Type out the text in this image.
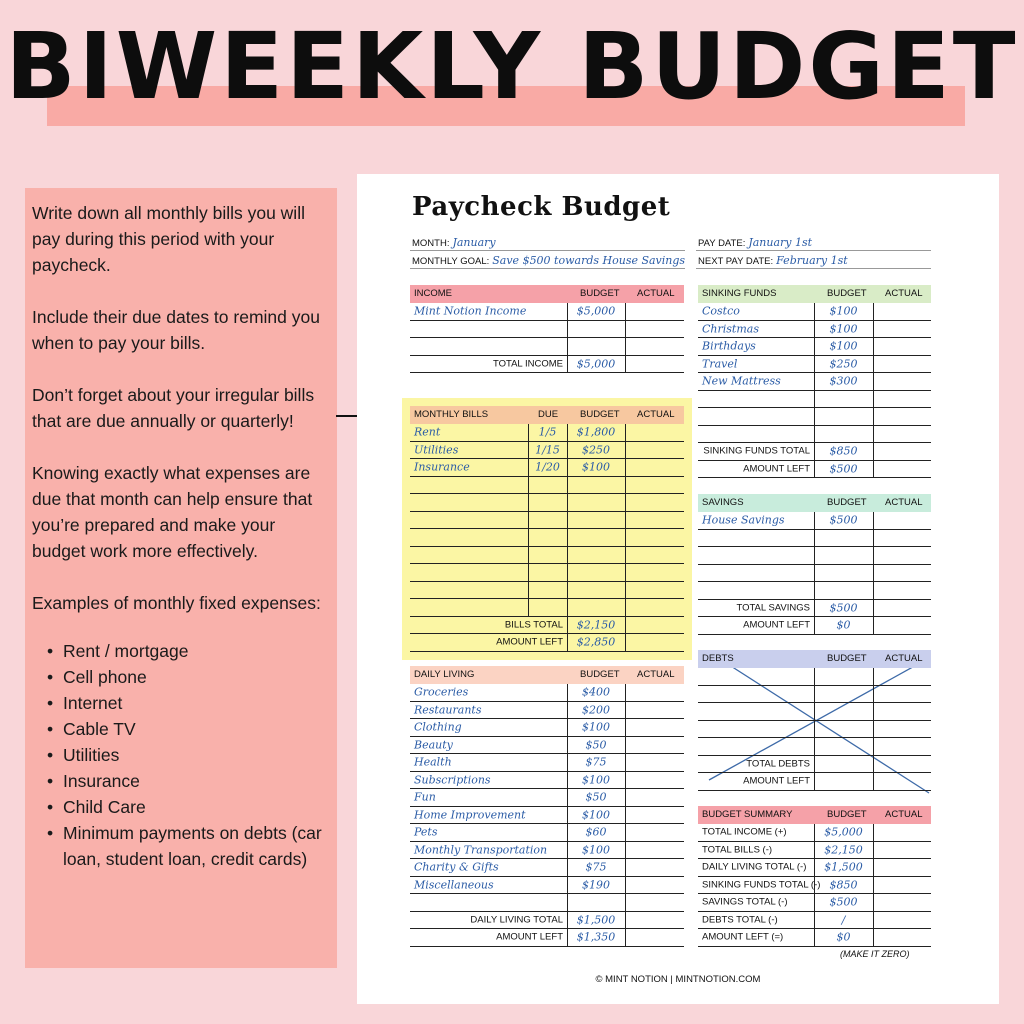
BIWEEKLY BUDGET

Write down all monthly bills you will pay during this period with your paycheck.

Include their due dates to remind you when to pay your bills.

Don’t forget about your irregular bills that are due annually or quarterly!

Knowing exactly what expenses are due that month can help ensure that you’re prepared and make your budget work more effectively.

Examples of monthly fixed expenses:

• Rent / mortgage
• Cell phone
• Internet
• Cable TV
• Utilities
• Insurance
• Child Care
• Minimum payments on debts (car loan, student loan, credit cards)
Paycheck Budget
MONTH: January
MONTHLY GOAL: Save $500 towards House Savings
PAY DATE: January 1st
NEXT PAY DATE: February 1st
(MAKE IT ZERO)
© MINT NOTION | MINTNOTION.COM
INCOME	BUDGET ACTUAL
Mint Notion Income	$5,000
TOTAL INCOME $5,000
MONTHLY BILLS	DUE BUDGET ACTUAL
Rent	1/5 $1,800
Utilities	1/15 $250
Insurance	1/20 $100
BILLS TOTAL $2,150
AMOUNT LEFT $2,850
DAILY LIVING	BUDGET ACTUAL
Groceries	$400
Restaurants	$200
Clothing	$100
Beauty	$50
Health	$75
Subscriptions	$100
Fun	$50
Home Improvement	$100
Pets	$60
Monthly Transportation	$100
Charity & Gifts	$75
Miscellaneous	$190
DAILY LIVING TOTAL $1,500
AMOUNT LEFT $1,350
SINKING FUNDS	BUDGET ACTUAL
Costco	$100
Christmas	$100
Birthdays	$100
Travel	$250
New Mattress	$300
SINKING FUNDS TOTAL $850
AMOUNT LEFT $500
SAVINGS	BUDGET ACTUAL
House Savings	$500
TOTAL SAVINGS $500
AMOUNT LEFT $0
DEBTS	BUDGET ACTUAL
TOTAL DEBTS
AMOUNT LEFT
BUDGET SUMMARY	BUDGET ACTUAL
TOTAL INCOME (+)	$5,000
TOTAL BILLS (-)	$2,150
DAILY LIVING TOTAL (-) $1,500
SINKING FUNDS TOTAL (-) $850
SAVINGS TOTAL (-)	$500
DEBTS TOTAL (-)	/
AMOUNT LEFT (=)	$0
